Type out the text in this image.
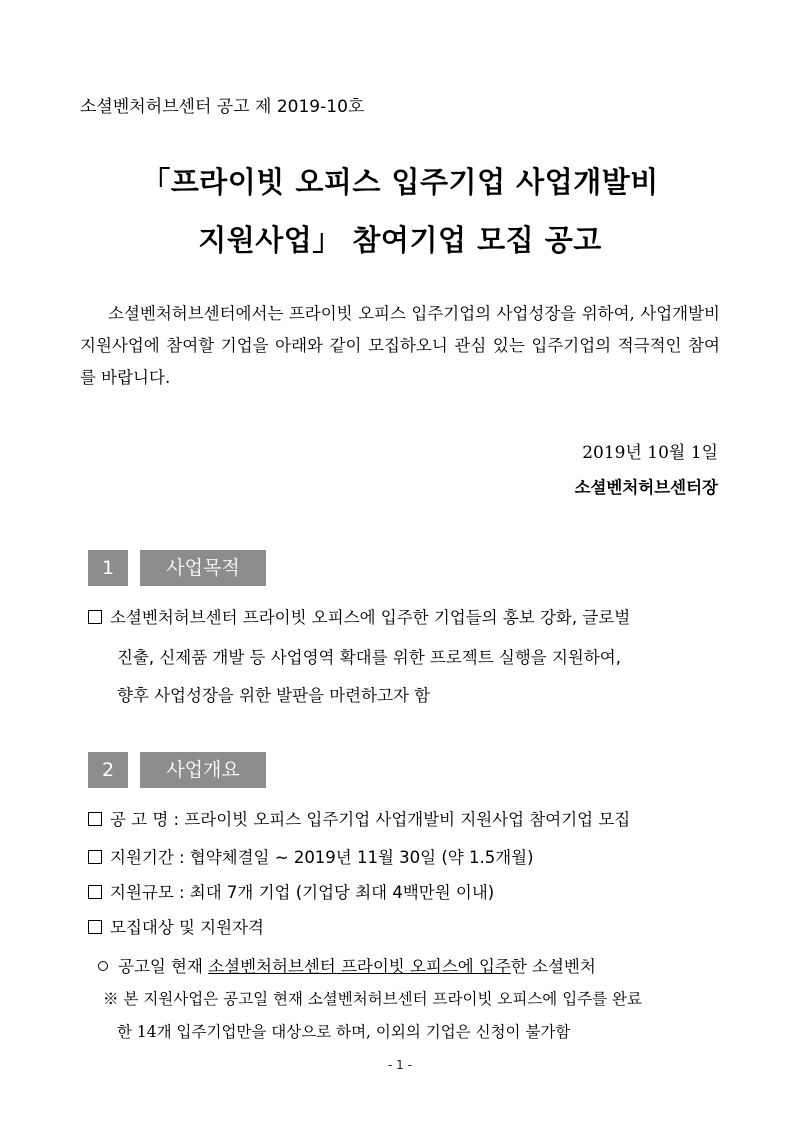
소셜벤처허브센터 공고 제 2019-10호
「프라이빗 오피스 입주기업 사업개발비
지원사업」 참여기업 모집 공고
소셜벤처허브센터에서는 프라이빗 오피스 입주기업의 사업성장을 위하여, 사업개발비 지원사업에 참여할 기업을 아래와 같이 모집하오니 관심 있는 입주기업의 적극적인 참여를 바랍니다.
2019년 10월 1일
소셜벤처허브센터장
1	사업목적
소셜벤처허브센터 프라이빗 오피스에 입주한 기업들의 홍보 강화, 글로벌
진출, 신제품 개발 등 사업영역 확대를 위한 프로젝트 실행을 지원하여,
향후 사업성장을 위한 발판을 마련하고자 함
2	사업개요
공 고 명 : 프라이빗 오피스 입주기업 사업개발비 지원사업 참여기업 모집
지원기간 : 협약체결일 ~ 2019년 11월 30일 (약 1.5개월)
지원규모 : 최대 7개 기업 (기업당 최대 4백만원 이내)
모집대상 및 지원자격
공고일 현재 소셜벤처허브센터 프라이빗 오피스에 입주한 소셜벤처
※ 본 지원사업은 공고일 현재 소셜벤처허브센터 프라이빗 오피스에 입주를 완료
한 14개 입주기업만을 대상으로 하며, 이외의 기업은 신청이 불가함
- 1 -
